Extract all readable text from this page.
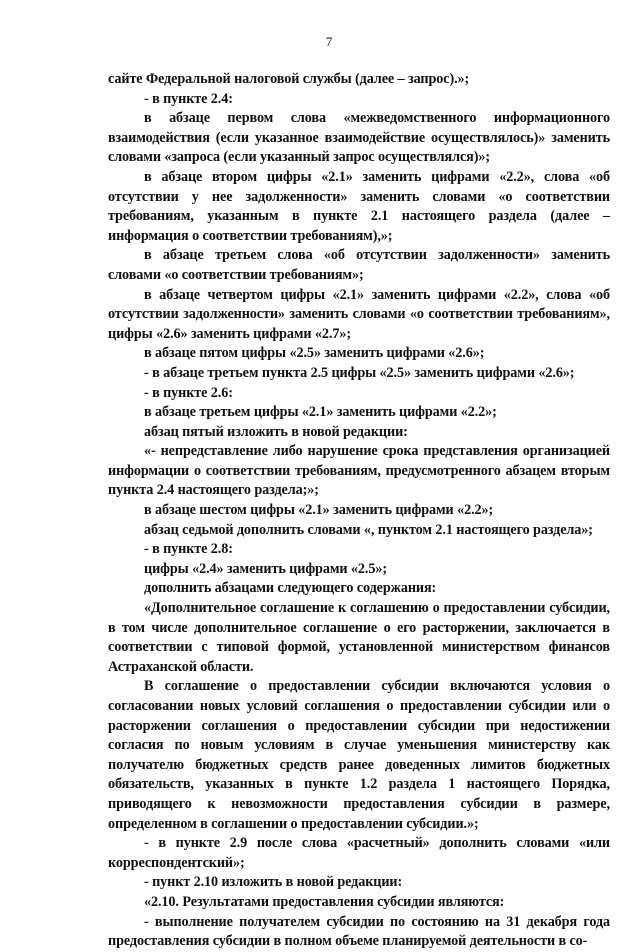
7

сайте Федеральной налоговой службы (далее – запрос).»;

- в пункте 2.4:

в абзаце первом слова «межведомственного информационного взаимодействия (если указанное взаимодействие осуществлялось)» заменить словами «запроса (если указанный запрос осуществлялся)»;

в абзаце втором цифры «2.1» заменить цифрами «2.2», слова «об отсутствии у нее задолженности» заменить словами «о соответствии требованиям, указанным в пункте 2.1 настоящего раздела (далее – информация о соответствии требованиям),»;

в абзаце третьем слова «об отсутствии задолженности» заменить словами «о соответствии требованиям»;

в абзаце четвертом цифры «2.1» заменить цифрами «2.2», слова «об отсутствии задолженности» заменить словами «о соответствии требованиям», цифры «2.6» заменить цифрами «2.7»;

в абзаце пятом цифры «2.5» заменить цифрами «2.6»;

- в абзаце третьем пункта 2.5 цифры «2.5» заменить цифрами «2.6»;

- в пункте 2.6:

в абзаце третьем цифры «2.1» заменить цифрами «2.2»;

абзац пятый изложить в новой редакции:

«- непредставление либо нарушение срока представления организацией информации о соответствии требованиям, предусмотренного абзацем вторым пункта 2.4 настоящего раздела;»;

в абзаце шестом цифры «2.1» заменить цифрами «2.2»;

абзац седьмой дополнить словами «, пунктом 2.1 настоящего раздела»;

- в пункте 2.8:

цифры «2.4» заменить цифрами «2.5»;

дополнить абзацами следующего содержания:

«Дополнительное соглашение к соглашению о предоставлении субсидии, в том числе дополнительное соглашение о его расторжении, заключается в соответствии с типовой формой, установленной министерством финансов Астраханской области.

В соглашение о предоставлении субсидии включаются условия о согласовании новых условий соглашения о предоставлении субсидии или о расторжении соглашения о предоставлении субсидии при недостижении согласия по новым условиям в случае уменьшения министерству как получателю бюджетных средств ранее доведенных лимитов бюджетных обязательств, указанных в пункте 1.2 раздела 1 настоящего Порядка, приводящего к невозможности предоставления субсидии в размере, определенном в соглашении о предоставлении субсидии.»;

- в пункте 2.9 после слова «расчетный» дополнить словами «или корреспондентский»;

- пункт 2.10 изложить в новой редакции:

«2.10. Результатами предоставления субсидии являются:

- выполнение получателем субсидии по состоянию на 31 декабря года предоставления субсидии в полном объеме планируемой деятельности в со-
